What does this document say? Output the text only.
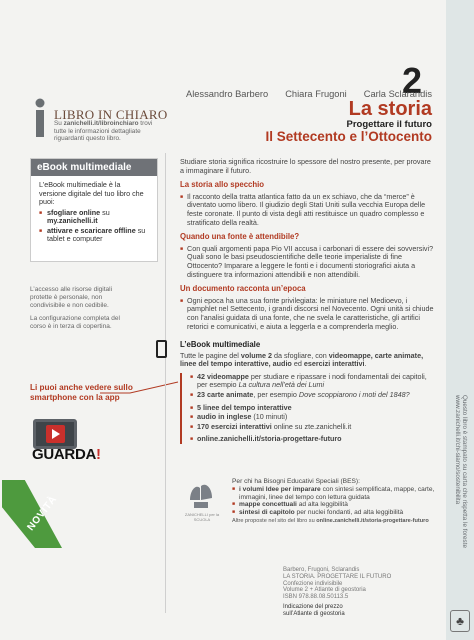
Questo libro è stampato su carta che rispetta le foreste
www.zanichelli.it/chi-siamo/sostenibilita
♣
2
Alessandro Barbero Chiara Frugoni Carla Sclarandis
La storia
Progettare il futuro
Il Settecento e l’Ottocento
LIBRO IN CHIARO
Su zanichelli.it/libroinchiaro trovi tutte le informazioni dettagliate riguardanti questo libro.
eBook multimediale
L’eBook multimediale è la versione digitale del tuo libro che puoi:
■ sfogliare online su my.zanichelli.it
■ attivare e scaricare offline su tablet e computer
L’accesso alle risorse digitali protette è personale, non condivisibile e non cedibile.
La configurazione completa del corso è in terza di copertina.
Li puoi anche vedere sullo smartphone con la app
GUARDA!
NOVITÀ

Studiare storia significa ricostruire lo spessore del nostro presente, per provare a immaginare il futuro.

La storia allo specchio
■ Il racconto della tratta atlantica fatto da un ex schiavo, che da “merce” è diventato uomo libero. Il giudizio degli Stati Uniti sulla vecchia Europa delle feste coronate. Il punto di vista degli atti restituisce un quadro complesso e stratificato della realtà.
Quando una fonte è attendibile?
■ Con quali argomenti papa Pio VII accusa i carbonari di essere dei sovversivi? Quali sono le basi pseudoscientifiche delle teorie imperialiste di fine Ottocento? Imparare a leggere le fonti e i documenti storiografici aiuta a distinguere tra informazioni attendibili e non attendibili.
Un documento racconta un’epoca
■ Ogni epoca ha una sua fonte privilegiata: le miniature nel Medioevo, i pamphlet nel Settecento, i grandi discorsi nel Novecento. Ogni unità si chiude con l’analisi guidata di una fonte, che ne svela le caratteristiche, gli artifici retorici e comunicativi, e aiuta a leggerla e a comprenderla meglio.
L’eBook multimediale
Tutte le pagine del volume 2 da sfogliare, con videomappe, carte animate, linee del tempo interattive, audio ed esercizi interattivi.
■ 42 videomappe per studiare e ripassare i nodi fondamentali dei capitoli, per esempio La cultura nell’età dei Lumi
■ 23 carte animate, per esempio Dove scoppiarono i moti del 1848?
■ 5 linee del tempo interattive
■ audio in inglese (10 minuti)
■ 170 esercizi interattivi online su zte.zanichelli.it
■ online.zanichelli.it/storia-progettare-futuro
ZANICHELLI per la SCUOLA
Per chi ha Bisogni Educativi Speciali (BES):
■ i volumi Idee per imparare con sintesi semplificata, mappe, carte, immagini, linee del tempo con lettura guidata
■ mappe concettuali ad alta leggibilità
■ sintesi di capitolo per nuclei fondanti, ad alta leggibilità
Altre proposte nel sito del libro su online.zanichelli.it/storia-progettare-futuro
Barbero, Frugoni, Sclarandis
LA STORIA. PROGETTARE IL FUTURO
Confezione indivisibile
Volume 2 + Atlante di geostoria
ISBN 978.88.08.50113.5
Indicazione del prezzo
sull’Atlante di geostoria
